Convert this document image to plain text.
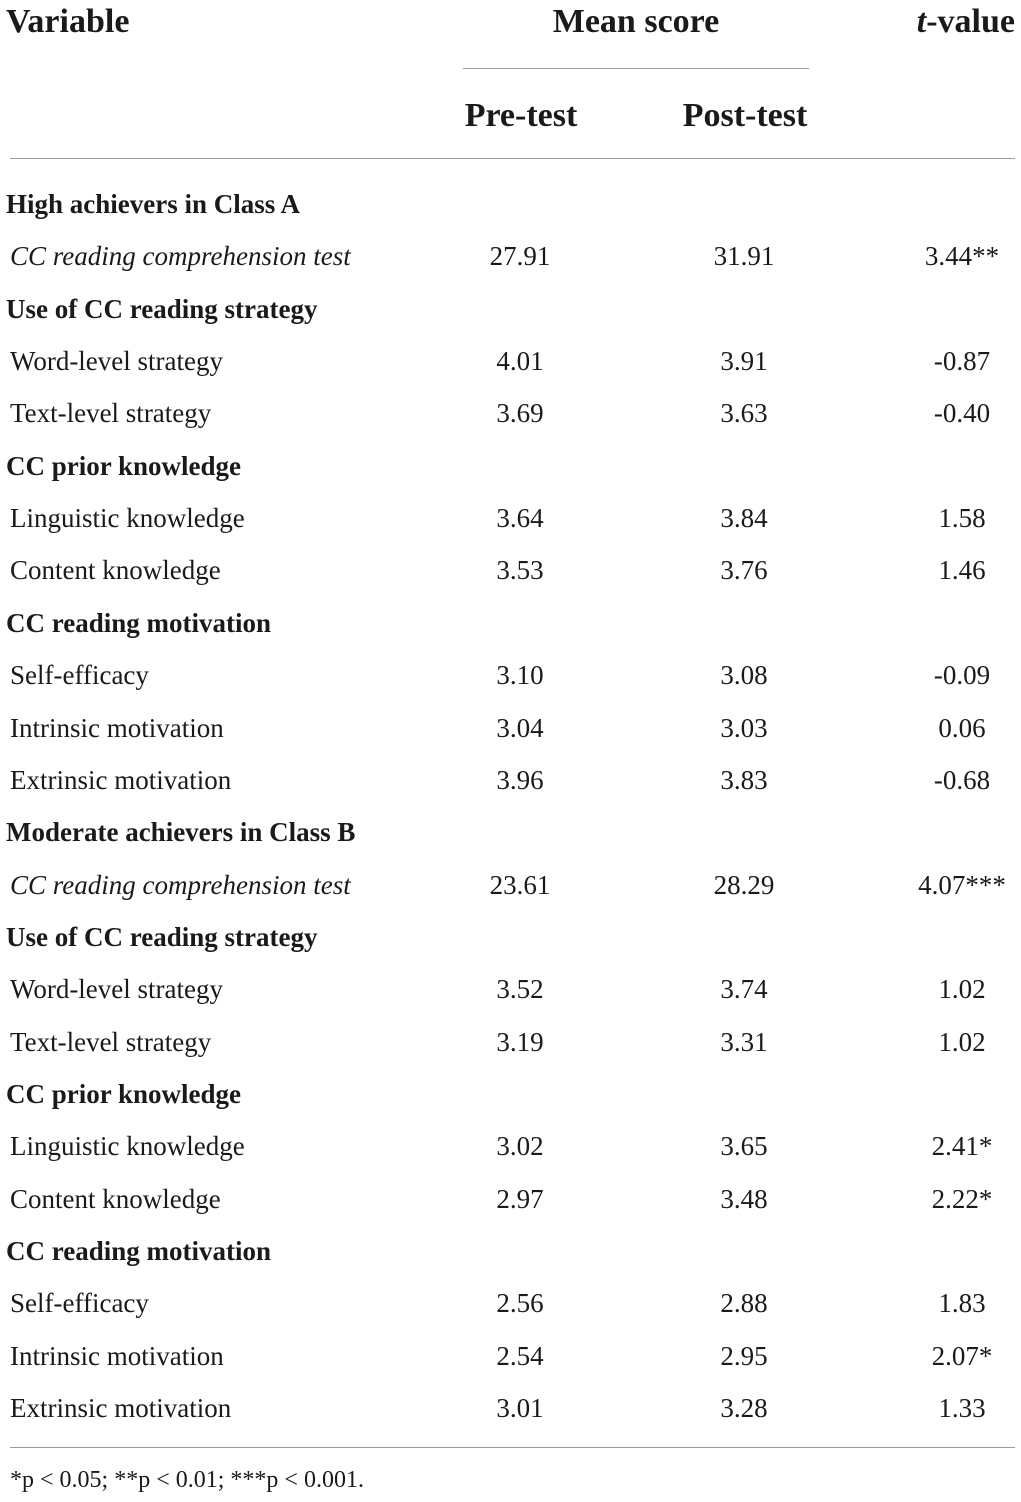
Variable	Mean score	t-value
Pre-test	Post-test
High achievers in Class A
CC reading comprehension test	27.91	31.91	3.44**
Use of CC reading strategy
Word-level strategy	4.01	3.91	-0.87
Text-level strategy	3.69	3.63	-0.40
CC prior knowledge
Linguistic knowledge	3.64	3.84	1.58
Content knowledge	3.53	3.76	1.46
CC reading motivation
Self-efficacy	3.10	3.08	-0.09
Intrinsic motivation	3.04	3.03	0.06
Extrinsic motivation	3.96	3.83	-0.68
Moderate achievers in Class B
CC reading comprehension test	23.61	28.29	4.07***
Use of CC reading strategy
Word-level strategy	3.52	3.74	1.02
Text-level strategy	3.19	3.31	1.02
CC prior knowledge
Linguistic knowledge	3.02	3.65	2.41*
Content knowledge	2.97	3.48	2.22*
CC reading motivation
Self-efficacy	2.56	2.88	1.83
Intrinsic motivation	2.54	2.95	2.07*
Extrinsic motivation	3.01	3.28	1.33
*p < 0.05; **p < 0.01; ***p < 0.001.
